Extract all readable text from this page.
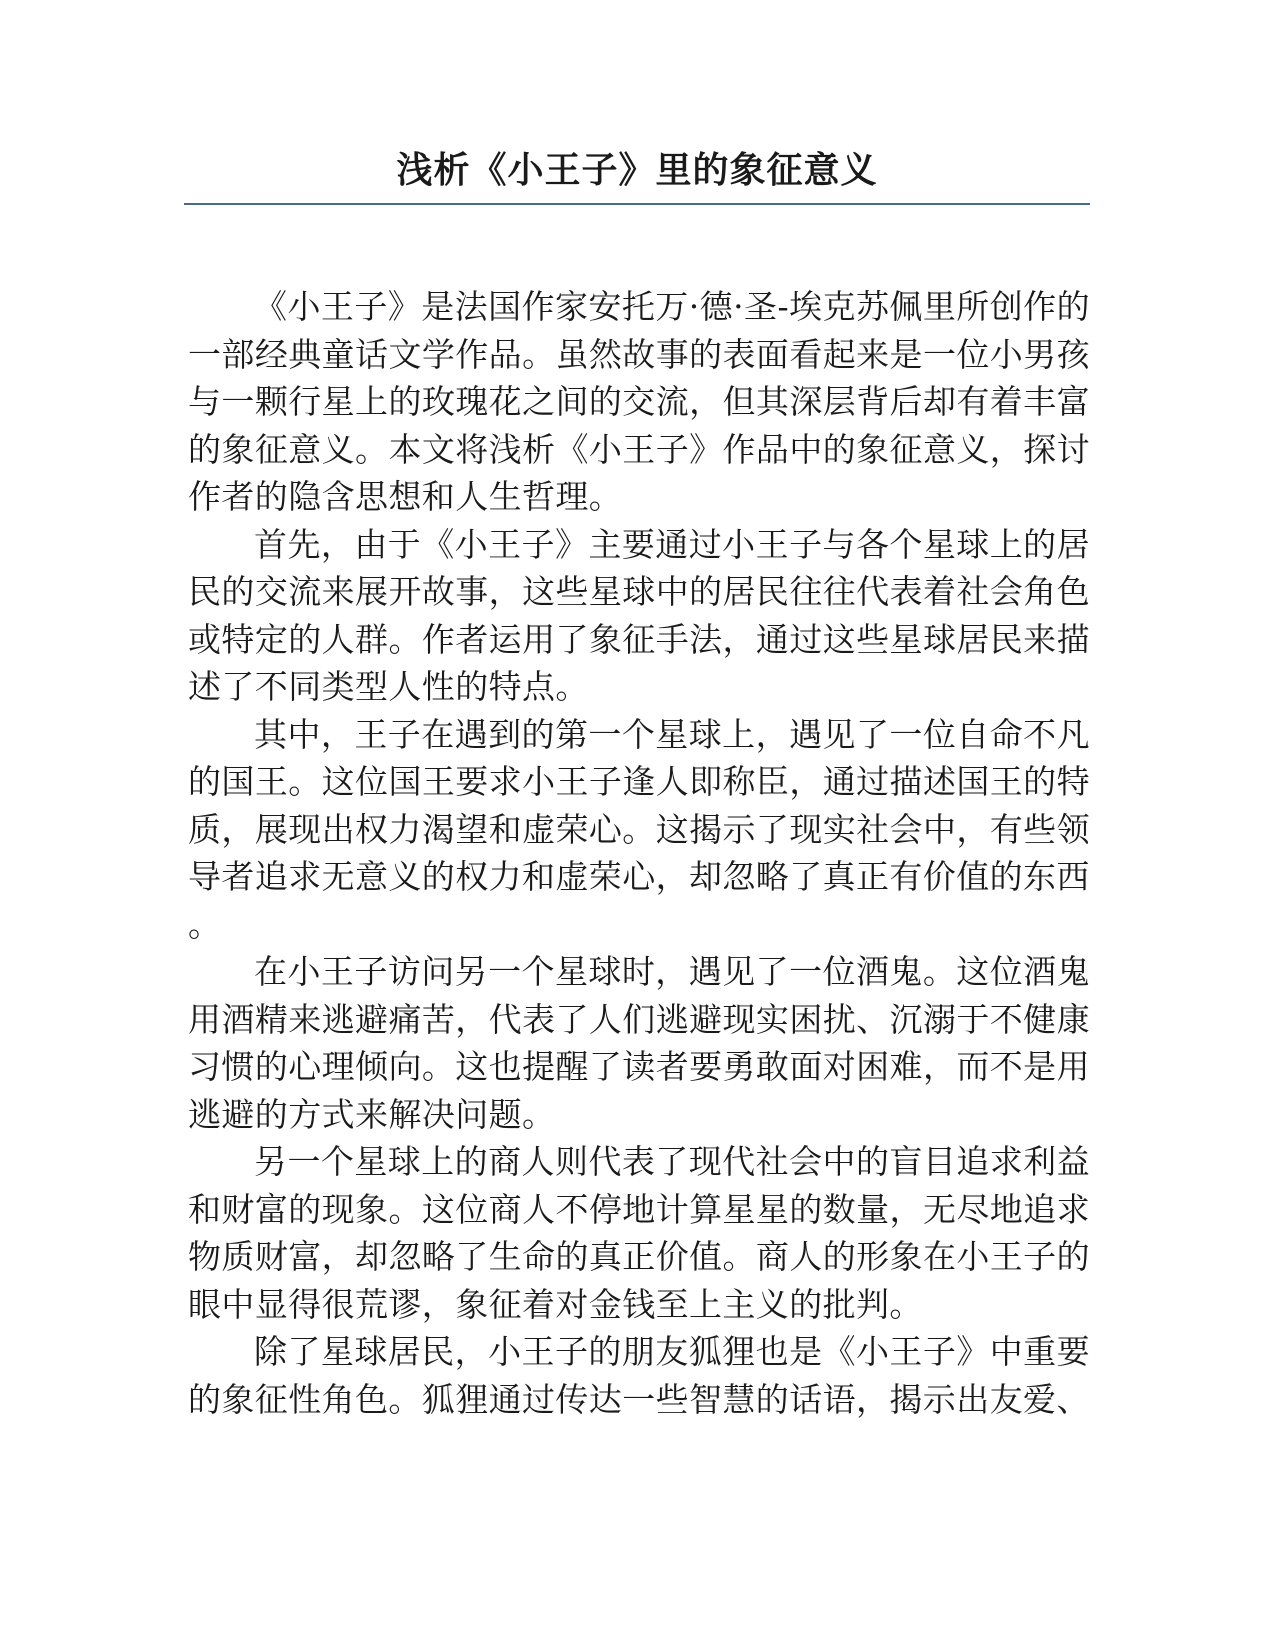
浅析《小王子》里的象征意义

《小王子》是法国作家安托万·德·圣-埃克苏佩里所创作的一部经典童话文学作品。虽然故事的表面看起来是一位小男孩与一颗行星上的玫瑰花之间的交流，但其深层背后却有着丰富的象征意义。本文将浅析《小王子》作品中的象征意义，探讨作者的隐含思想和人生哲理。

首先，由于《小王子》主要通过小王子与各个星球上的居民的交流来展开故事，这些星球中的居民往往代表着社会角色或特定的人群。作者运用了象征手法，通过这些星球居民来描述了不同类型人性的特点。

其中，王子在遇到的第一个星球上，遇见了一位自命不凡的国王。这位国王要求小王子逢人即称臣，通过描述国王的特质，展现出权力渴望和虚荣心。这揭示了现实社会中，有些领导者追求无意义的权力和虚荣心，却忽略了真正有价值的东西
。

在小王子访问另一个星球时，遇见了一位酒鬼。这位酒鬼用酒精来逃避痛苦，代表了人们逃避现实困扰、沉溺于不健康习惯的心理倾向。这也提醒了读者要勇敢面对困难，而不是用逃避的方式来解决问题。

另一个星球上的商人则代表了现代社会中的盲目追求利益和财富的现象。这位商人不停地计算星星的数量，无尽地追求物质财富，却忽略了生命的真正价值。商人的形象在小王子的眼中显得很荒谬，象征着对金钱至上主义的批判。

除了星球居民，小王子的朋友狐狸也是《小王子》中重要的象征性角色。狐狸通过传达一些智慧的话语，揭示出友爱、
